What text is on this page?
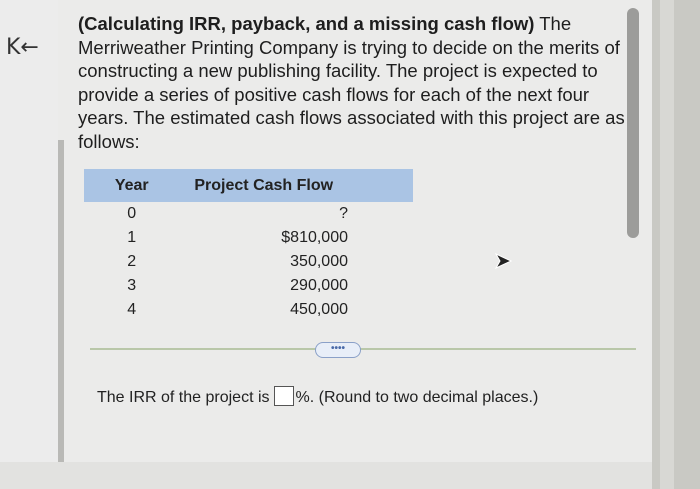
K←
(Calculating IRR, payback, and a missing cash flow) The Merriweather Printing Company is trying to decide on the merits of constructing a new publishing facility. The project is expected to provide a series of positive cash flows for each of the next four years. The estimated cash flows associated with this project are as follows:
Year	Project Cash Flow
0	?
1	$810,000
2	350,000
3	290,000
4	450,000
••••
The IRR of the project is %. (Round to two decimal places.)
